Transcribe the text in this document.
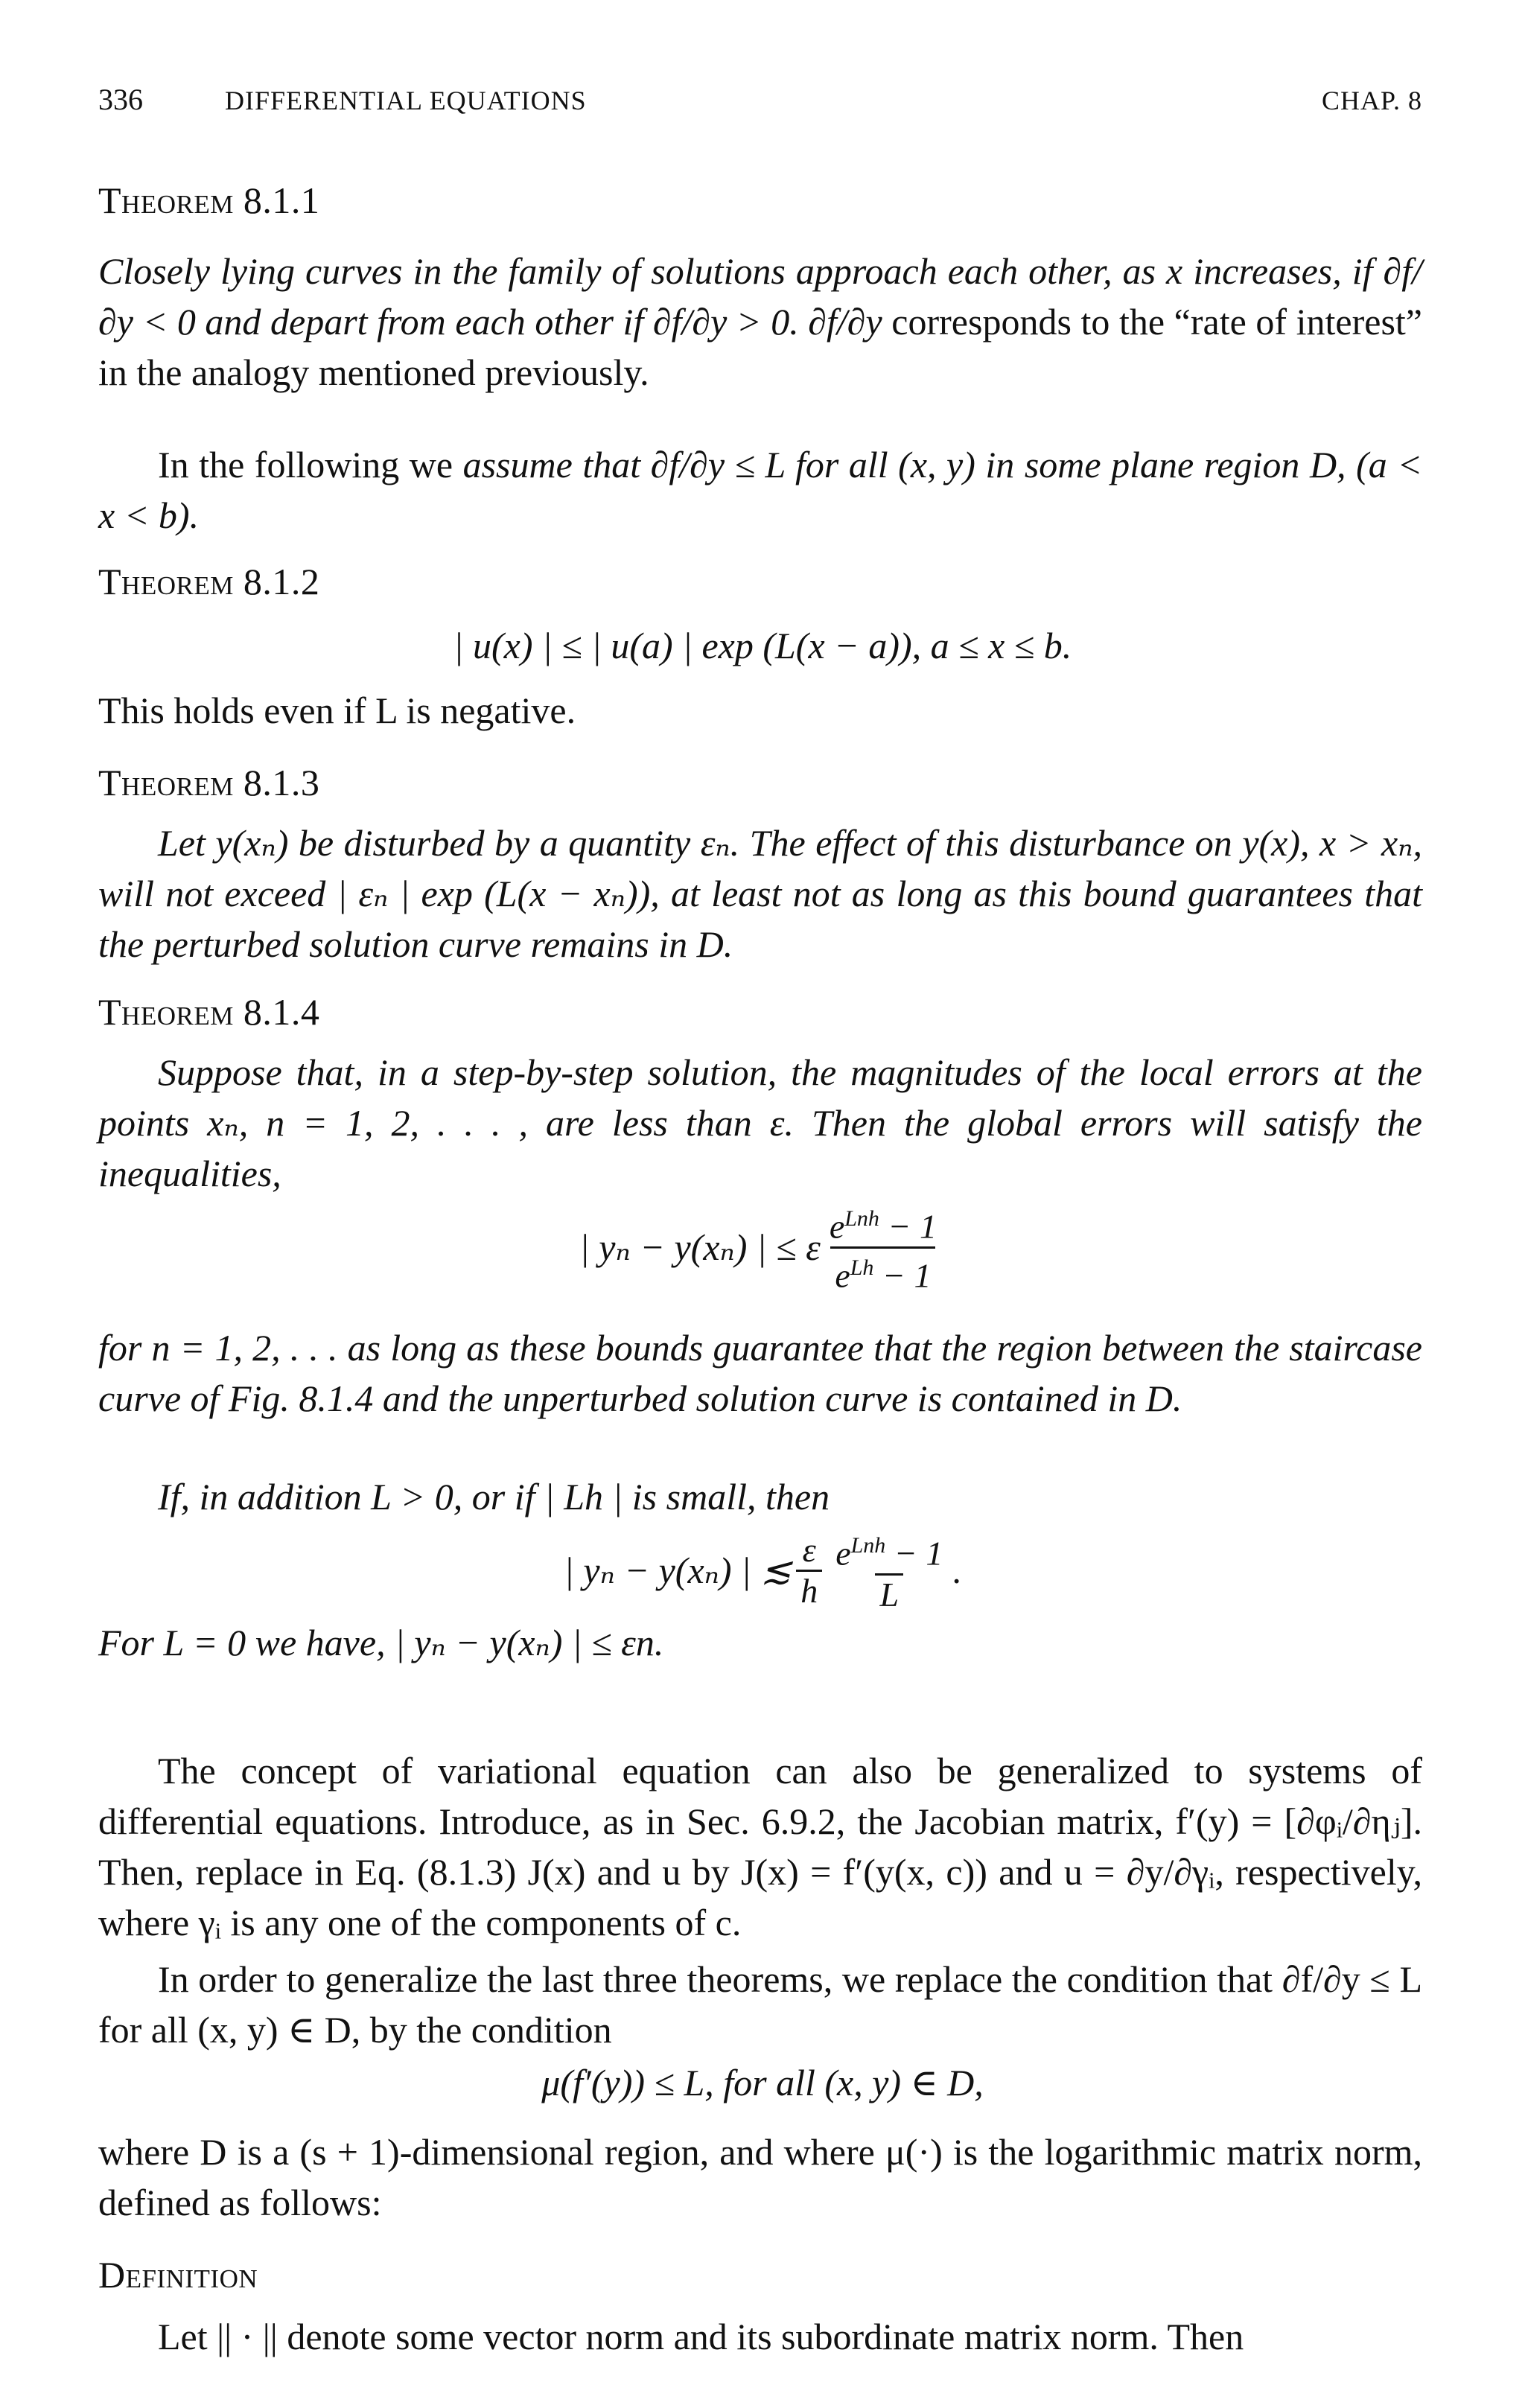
336	DIFFERENTIAL EQUATIONS	CHAP. 8

Theorem 8.1.1

Closely lying curves in the family of solutions approach each other, as x increases, if ∂f/∂y < 0 and depart from each other if ∂f/∂y > 0. ∂f/∂y corresponds to the “rate of interest” in the analogy mentioned previously.

In the following we assume that ∂f/∂y ≤ L for all (x, y) in some plane region D, (a < x < b).

Theorem 8.1.2

| u(x) | ≤ | u(a) | exp (L(x − a)), a ≤ x ≤ b.

This holds even if L is negative.

Theorem 8.1.3

Let y(xₙ) be disturbed by a quantity εₙ. The effect of this disturbance on y(x), x > xₙ, will not exceed | εₙ | exp (L(x − xₙ)), at least not as long as this bound guarantees that the perturbed solution curve remains in D.

Theorem 8.1.4

Suppose that, in a step-by-step solution, the magnitudes of the local errors at the points xₙ, n = 1, 2, . . . , are less than ε. Then the global errors will satisfy the inequalities,

| yₙ − y(xₙ) | ≤ ε $\frac{e^{Lnh} - 1}{e^{Lh} - 1}$

for n = 1, 2, . . . as long as these bounds guarantee that the region between the staircase curve of Fig. 8.1.4 and the unperturbed solution curve is contained in D.

If, in addition L > 0, or if | Lh | is small, then

| yₙ − y(xₙ) | ≲ $\frac{\varepsilon}{h} \frac{e^{Lnh} - 1}{L}$ .

For L = 0 we have, | yₙ − y(xₙ) | ≤ εn.

The concept of variational equation can also be generalized to systems of differential equations. Introduce, as in Sec. 6.9.2, the Jacobian matrix, f′(y) = [∂φᵢ/∂ηⱼ]. Then, replace in Eq. (8.1.3) J(x) and u by J(x) = f′(y(x, c)) and u = ∂y/∂γᵢ, respectively, where γᵢ is any one of the components of c.

In order to generalize the last three theorems, we replace the condition that ∂f/∂y ≤ L for all (x, y) ∈ D, by the condition

μ(f′(y)) ≤ L, for all (x, y) ∈ D,

where D is a (s + 1)-dimensional region, and where μ(·) is the logarithmic matrix norm, defined as follows:

Definition

Let || · || denote some vector norm and its subordinate matrix norm. Then
